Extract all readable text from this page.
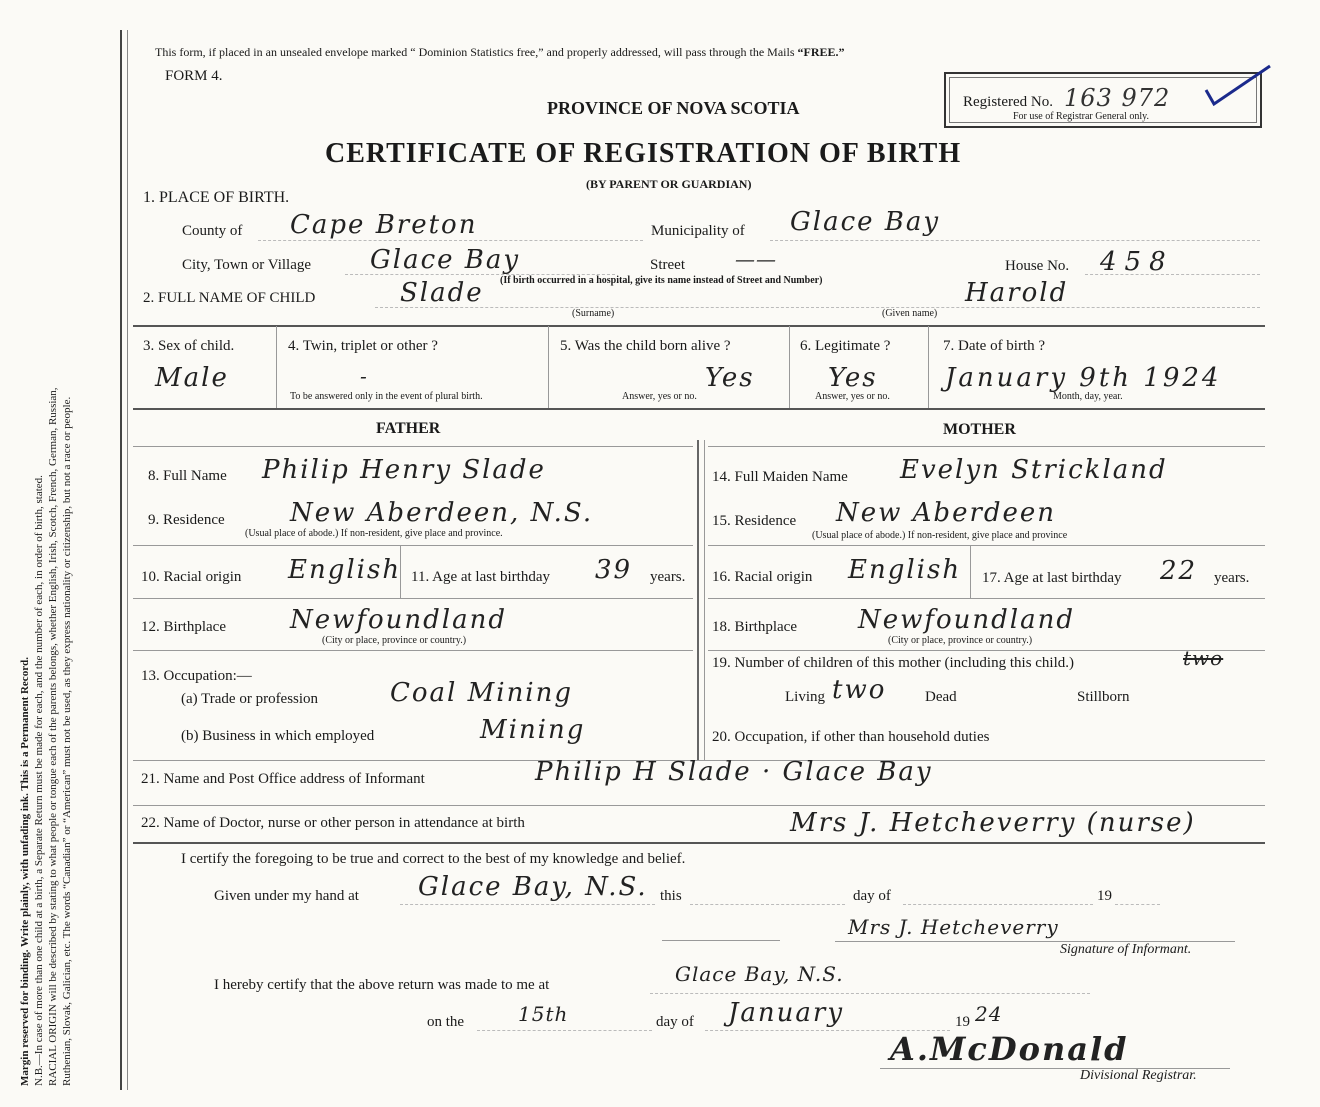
Margin reserved for binding. Write plainly, with unfading ink. This is a Permanent Record. N.B.—In case of more than one child at a birth, a Separate Return must be made for each, and the number of each, in order of birth, stated. RACIAL ORIGIN will be described by stating to what people or tongue each of the parents belongs, whether English, Irish, Scotch, French, German, Russian, Ruthenian, Slovak, Galician, etc. The words “Canadian” or “American” must not be used, as they express nationality or citizenship, but not a race or people.
This form, if placed in an unsealed envelope marked “ Dominion Statistics free,” and properly addressed, will pass through the Mails “FREE.”
FORM 4.
PROVINCE OF NOVA SCOTIA
CERTIFICATE OF REGISTRATION OF BIRTH
(BY PARENT OR GUARDIAN)
Registered No. 163 972
For use of Registrar General only.
1. PLACE OF BIRTH.
County of Cape Breton	Municipality of Glace Bay
City, Town or Village Glace Bay	Street	——	House No. 458
(If birth occurred in a hospital, give its name instead of Street and Number)
2. FULL NAME OF CHILD	Slade	Harold
(Surname)	(Given name)
3. Sex of child.
Male
4. Twin, triplet or other ?
-
To be answered only in the event of plural birth.
5. Was the child born alive ?
Yes
Answer, yes or no.
6. Legitimate ?
Yes
Answer, yes or no.
7. Date of birth ?
January 9th 1924
Month, day, year.
FATHER	MOTHER
8. Full Name Philip Henry Slade
9. Residence	New Aberdeen, N.S.
(Usual place of abode.) If non-resident, give place and province.
10. Racial origin English 11. Age at last birthday 39 years.
12. Birthplace Newfoundland
(City or place, province or country.)
13. Occupation:—
(a) Trade or profession	Coal Mining
(b) Business in which employed	Mining
14. Full Maiden Name Evelyn Strickland
15. Residence New Aberdeen
(Usual place of abode.) If non-resident, give place and province
16. Racial origin English 17. Age at last birthday 22 years.
18. Birthplace Newfoundland
(City or place, province or country.)
19. Number of children of this mother (including this child.)	two
Living two	Dead	Stillborn
20. Occupation, if other than household duties
21. Name and Post Office address of Informant	Philip H Slade · Glace Bay
22. Name of Doctor, nurse or other person in attendance at birth	Mrs J. Hetcheverry (nurse)
I certify the foregoing to be true and correct to the best of my knowledge and belief.
Given under my hand at Glace Bay, N.S. this	day of	19
Mrs J. Hetcheverry
Signature of Informant.
I hereby certify that the above return was made to me at	Glace Bay, N.S.
on the	15th	day of January	19 24
A.McDonald
Divisional Registrar.
